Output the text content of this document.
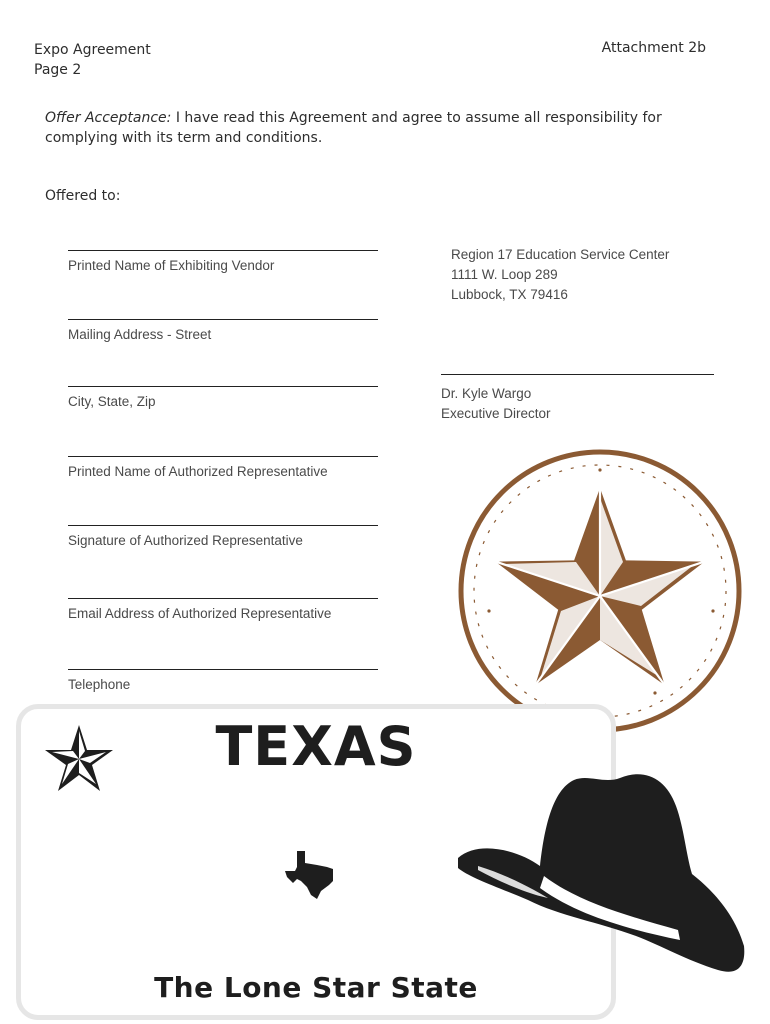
Expo Agreement
Page 2
Attachment 2b
Offer Acceptance: I have read this Agreement and agree to assume all responsibility for complying with its term and conditions.
Offered to:
Printed Name of Exhibiting Vendor
Mailing Address - Street
City, State, Zip
Printed Name of Authorized Representative
Signature of Authorized Representative
Email Address of Authorized Representative
Telephone
Region 17 Education Service Center
1111 W. Loop 289
Lubbock, TX 79416
Dr. Kyle Wargo
Executive Director
TEXAS
The Lone Star State
